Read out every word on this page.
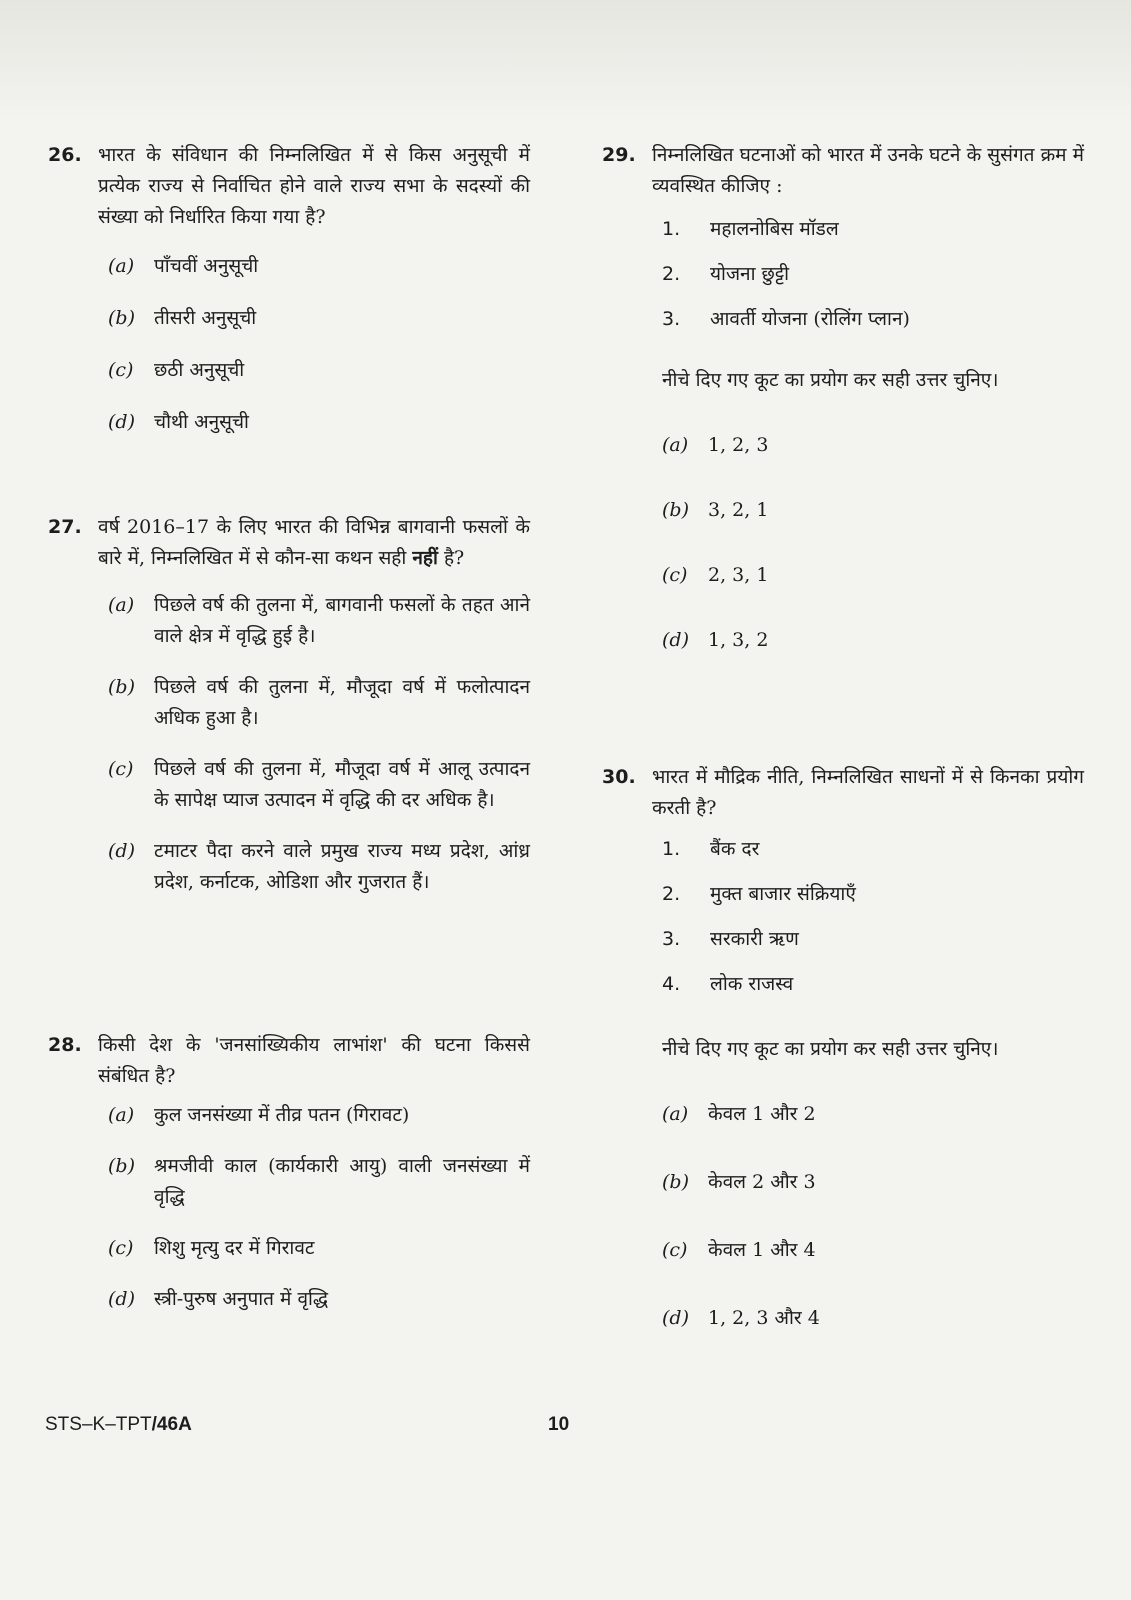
26. भारत के संविधान की निम्नलिखित में से किस अनुसूची में प्रत्येक राज्य से निर्वाचित होने वाले राज्य सभा के सदस्यों की संख्या को निर्धारित किया गया है?
(a)	पाँचवीं अनुसूची
(b)	तीसरी अनुसूची
(c)	छठी अनुसूची
(d)	चौथी अनुसूची
27. वर्ष 2016–17 के लिए भारत की विभिन्न बागवानी फसलों के बारे में, निम्नलिखित में से कौन-सा कथन सही नहीं है?
(a)	पिछले वर्ष की तुलना में, बागवानी फसलों के तहत आने वाले क्षेत्र में वृद्धि हुई है।
(b)	पिछले वर्ष की तुलना में, मौजूदा वर्ष में फलोत्पादन अधिक हुआ है।
(c)	पिछले वर्ष की तुलना में, मौजूदा वर्ष में आलू उत्पादन के सापेक्ष प्याज उत्पादन में वृद्धि की दर अधिक है।
(d)	टमाटर पैदा करने वाले प्रमुख राज्य मध्य प्रदेश, आंध्र प्रदेश, कर्नाटक, ओडिशा और गुजरात हैं।
28. किसी देश के 'जनसांख्यिकीय लाभांश' की घटना किससे संबंधित है?
(a)	कुल जनसंख्या में तीव्र पतन (गिरावट)
(b)	श्रमजीवी काल (कार्यकारी आयु) वाली जनसंख्या में वृद्धि
(c)	शिशु मृत्यु दर में गिरावट
(d)	स्त्री-पुरुष अनुपात में वृद्धि
29. निम्नलिखित घटनाओं को भारत में उनके घटने के सुसंगत क्रम में व्यवस्थित कीजिए :
1.	महालनोबिस मॉडल
2.	योजना छुट्टी
3.	आवर्ती योजना (रोलिंग प्लान)
नीचे दिए गए कूट का प्रयोग कर सही उत्तर चुनिए।
(a)	1, 2, 3
(b)	3, 2, 1
(c)	2, 3, 1
(d)	1, 3, 2
30. भारत में मौद्रिक नीति, निम्नलिखित साधनों में से किनका प्रयोग करती है?
1.	बैंक दर
2.	मुक्त बाजार संक्रियाएँ
3.	सरकारी ऋण
4.	लोक राजस्व
नीचे दिए गए कूट का प्रयोग कर सही उत्तर चुनिए।
(a)	केवल 1 और 2
(b)	केवल 2 और 3
(c)	केवल 1 और 4
(d)	1, 2, 3 और 4
STS–K–TPT/46A	10
